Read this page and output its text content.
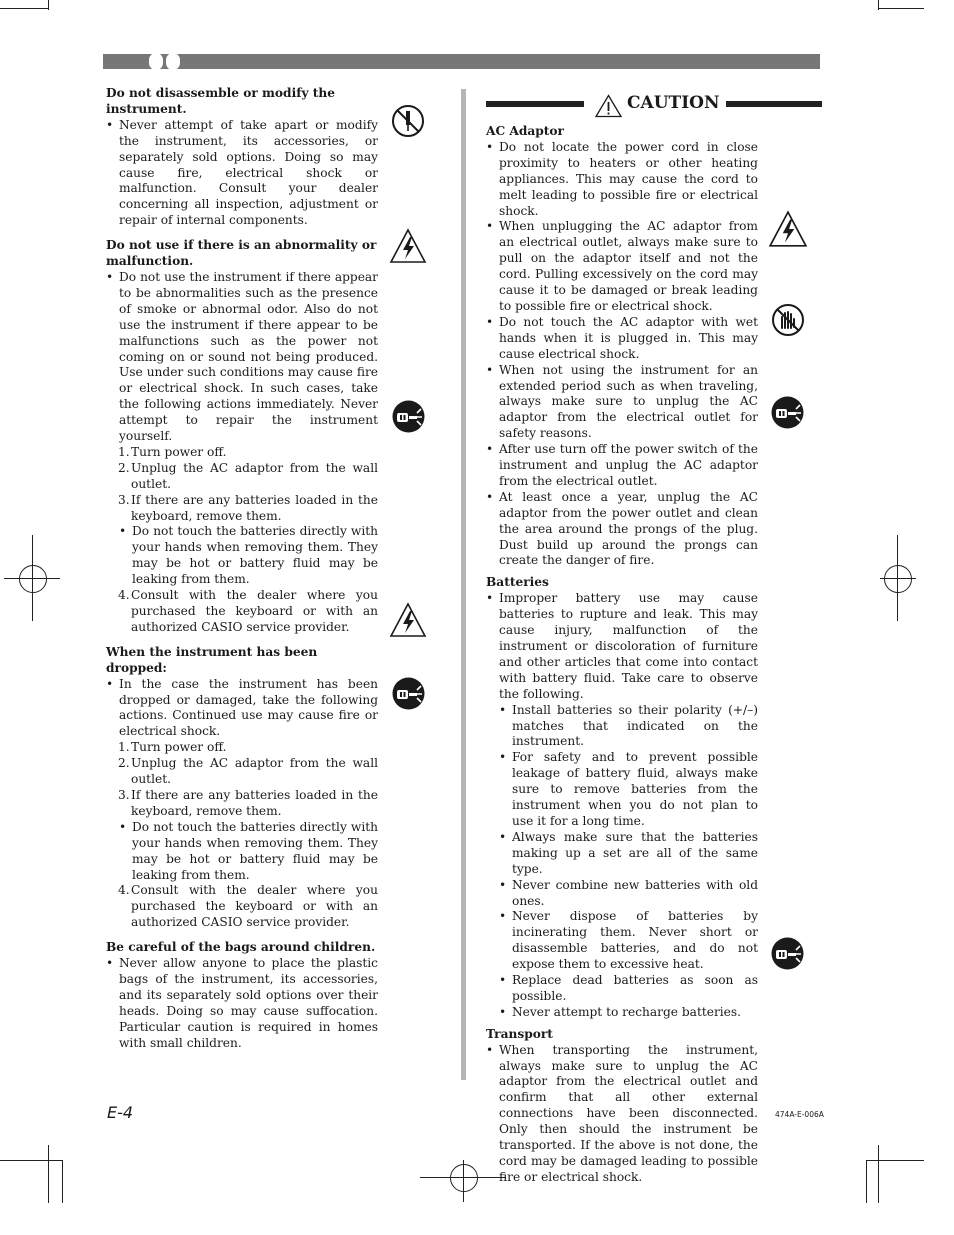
CAUTION
Do not disassemble or modify the instrument.
• Never attempt of take apart or modify the instrument, its accessories, or separately sold options. Doing so may cause fire, electrical shock or malfunction. Consult your dealer concerning all inspection, adjustment or repair of internal components.
Do not use if there is an abnormality or malfunction.
• Do not use the instrument if there appear to be abnormalities such as the presence of smoke or abnormal odor. Also do not use the instrument if there appear to be malfunctions such as the power not coming on or sound not being produced. Use under such conditions may cause fire or electrical shock. In such cases, take the following actions immediately. Never attempt to repair the instrument yourself.
1. Turn power off.
2. Unplug the AC adaptor from the wall outlet.
3. If there are any batteries loaded in the keyboard, remove them.
• Do not touch the batteries directly with your hands when removing them. They may be hot or battery fluid may be leaking from them.
4. Consult with the dealer where you purchased the keyboard or with an authorized CASIO service provider.
When the instrument has been dropped:
• In the case the instrument has been dropped or damaged, take the following actions. Continued use may cause fire or electrical shock.
1. Turn power off.
2. Unplug the AC adaptor from the wall outlet.
3. If there are any batteries loaded in the keyboard, remove them.
• Do not touch the batteries directly with your hands when removing them. They may be hot or battery fluid may be leaking from them.
4. Consult with the dealer where you purchased the keyboard or with an authorized CASIO service provider.
Be careful of the bags around children.
• Never allow anyone to place the plastic bags of the instrument, its accessories, and its separately sold options over their heads. Doing so may cause suffocation. Particular caution is required in homes with small children.
AC Adaptor
• Do not locate the power cord in close proximity to heaters or other heating appliances. This may cause the cord to melt leading to possible fire or electrical shock.
• When unplugging the AC adaptor from an electrical outlet, always make sure to pull on the adaptor itself and not the cord. Pulling excessively on the cord may cause it to be damaged or break leading to possible fire or electrical shock.
• Do not touch the AC adaptor with wet hands when it is plugged in. This may cause electrical shock.
• When not using the instrument for an extended period such as when traveling, always make sure to unplug the AC adaptor from the electrical outlet for safety reasons.
• After use turn off the power switch of the instrument and unplug the AC adaptor from the electrical outlet.
• At least once a year, unplug the AC adaptor from the power outlet and clean the area around the prongs of the plug. Dust build up around the prongs can create the danger of fire.
Batteries
• Improper battery use may cause batteries to rupture and leak. This may cause injury, malfunction of the instrument or discoloration of furniture and other articles that come into contact with battery fluid. Take care to observe the following.
• Install batteries so their polarity (+/–) matches that indicated on the instrument.
• For safety and to prevent possible leakage of battery fluid, always make sure to remove batteries from the instrument when you do not plan to use it for a long time.
• Always make sure that the batteries making up a set are all of the same type.
• Never combine new batteries with old ones.
• Never dispose of batteries by incinerating them. Never short or disassemble batteries, and do not expose them to excessive heat.
• Replace dead batteries as soon as possible.
• Never attempt to recharge batteries.
Transport
• When transporting the instrument, always make sure to unplug the AC adaptor from the electrical outlet and confirm that all other external connections have been disconnected. Only then should the instrument be transported. If the above is not done, the cord may be damaged leading to possible fire or electrical shock.
E-4	474A-E-006A
